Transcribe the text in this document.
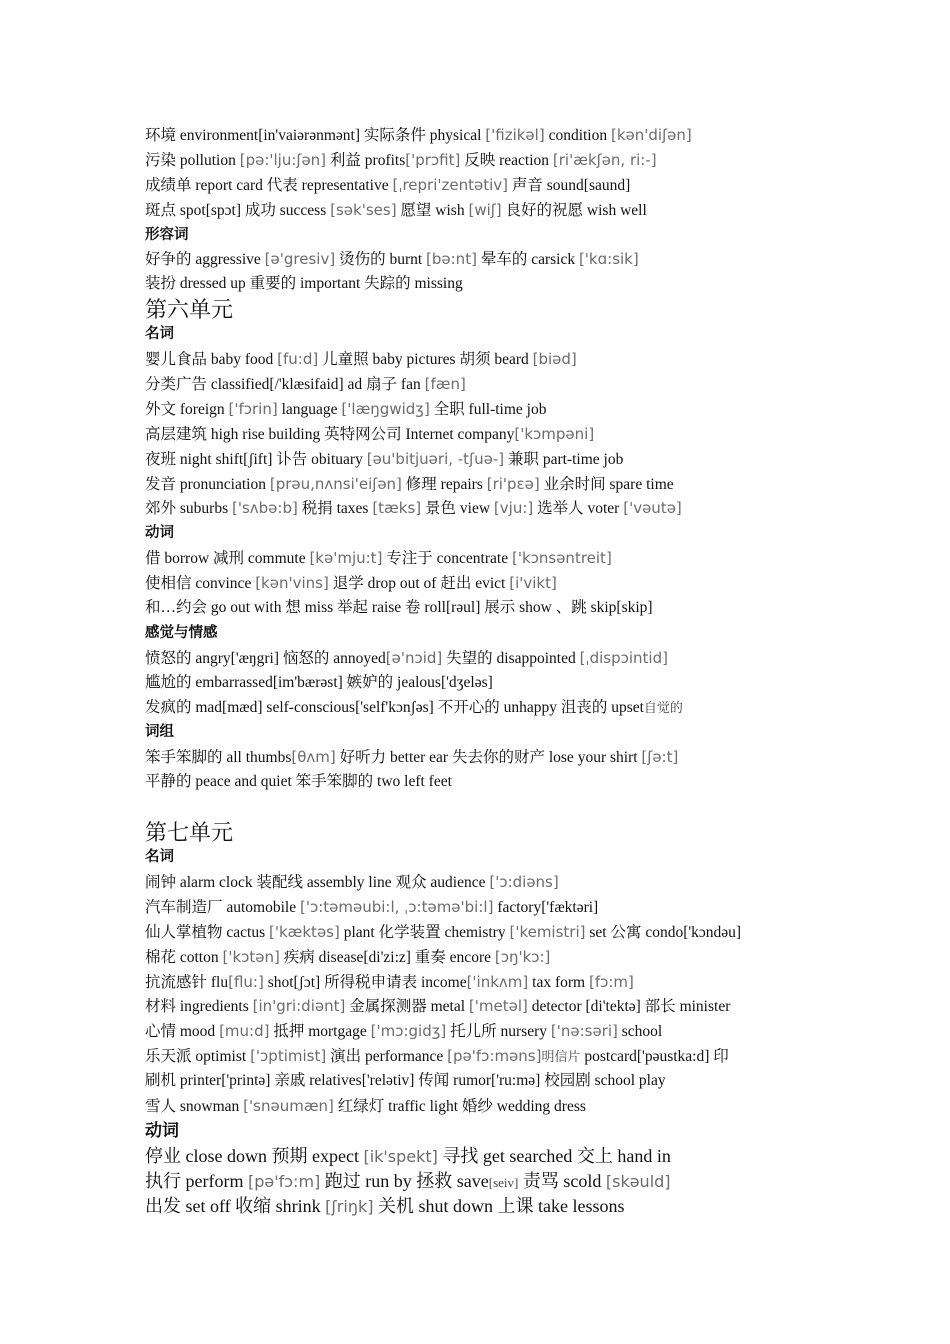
环境 environment[in'vaiərənmənt] 实际条件 physical ['fizikəl] condition [kən'diʃən]
污染 pollution [pə:'lju:ʃən] 利益 profits['prɔfit] 反映 reaction [ri'ækʃən, ri:-]
成绩单 report card 代表 representative [ˌrepri'zentətiv] 声音 sound[saund]
斑点 spot[spɔt] 成功 success [sək'ses] 愿望 wish [wiʃ] 良好的祝愿 wish well
形容词
好争的 aggressive [ə'gresiv] 烫伤的 burnt [bə:nt] 晕车的 carsick ['kɑ:sik]
装扮 dressed up 重要的 important 失踪的 missing
第六单元
名词
婴儿食品 baby food [fu:d] 儿童照 baby pictures 胡须 beard [biəd]
分类广告 classified[/'klæsifaid] ad 扇子 fan [fæn]
外文 foreign ['fɔrin] language ['læŋgwidʒ] 全职 full-time job
高层建筑 high rise building 英特网公司 Internet company['kɔmpəni]
夜班 night shift[ʃift] 讣告 obituary [əu'bitjuəri, -tʃuə-] 兼职 part-time job
发音 pronunciation [prəu,nʌnsi'eiʃən] 修理 repairs [ri'pɛə] 业余时间 spare time
郊外 suburbs ['sʌbə:b] 税捐 taxes [tæks] 景色 view [vju:] 选举人 voter ['vəutə]
动词
借 borrow 减刑 commute [kə'mju:t] 专注于 concentrate ['kɔnsəntreit]
使相信 convince [kən'vins] 退学 drop out of 赶出 evict [i'vikt]
和…约会 go out with 想 miss 举起 raise 卷 roll[rəul] 展示 show 、跳 skip[skip]
感觉与情感
愤怒的 angry['æŋgri] 恼怒的 annoyed[ə'nɔid] 失望的 disappointed [ˌdispɔintid]
尴尬的 embarrassed[im'bærəst] 嫉妒的 jealous['dʒeləs]
发疯的 mad[mæd] self-conscious['self'kɔnʃəs] 不开心的 unhappy 沮丧的 upset自觉的
词组
笨手笨脚的 all thumbs[θʌm] 好听力 better ear 失去你的财产 lose your shirt [ʃə:t]
平静的 peace and quiet 笨手笨脚的 two left feet
第七单元
名词
闹钟 alarm clock 装配线 assembly line 观众 audience ['ɔ:diəns]
汽车制造厂 automobile ['ɔ:təməubi:l, ˌɔ:təmə'bi:l] factory['fæktəri]
仙人掌植物 cactus ['kæktəs] plant 化学装置 chemistry ['kemistri] set 公寓 condo['kɔndəu]
棉花 cotton ['kɔtən] 疾病 disease[di'zi:z] 重奏 encore [ɔŋ'kɔ:]
抗流感针 flu[flu:] shot[ʃɔt] 所得税申请表 income['inkʌm] tax form [fɔ:m]
材料 ingredients [in'gri:diənt] 金属探测器 metal ['metəl] detector [di'tektə] 部长 minister
心情 mood [mu:d] 抵押 mortgage ['mɔ:gidʒ] 托儿所 nursery ['nə:səri] school
乐天派 optimist ['ɔptimist] 演出 performance [pə'fɔ:məns]明信片 postcard['pəustka:d] 印
刷机 printer['printə] 亲戚 relatives['relətiv] 传闻 rumor['ru:mə] 校园剧 school play
雪人 snowman ['snəumæn] 红绿灯 traffic light 婚纱 wedding dress
动词
停业 close down 预期 expect [ik'spekt] 寻找 get searched 交上 hand in
执行 perform [pə'fɔ:m] 跑过 run by 拯救 save[seiv] 责骂 scold [skəuld]
出发 set off 收缩 shrink [ʃriŋk] 关机 shut down 上课 take lessons
